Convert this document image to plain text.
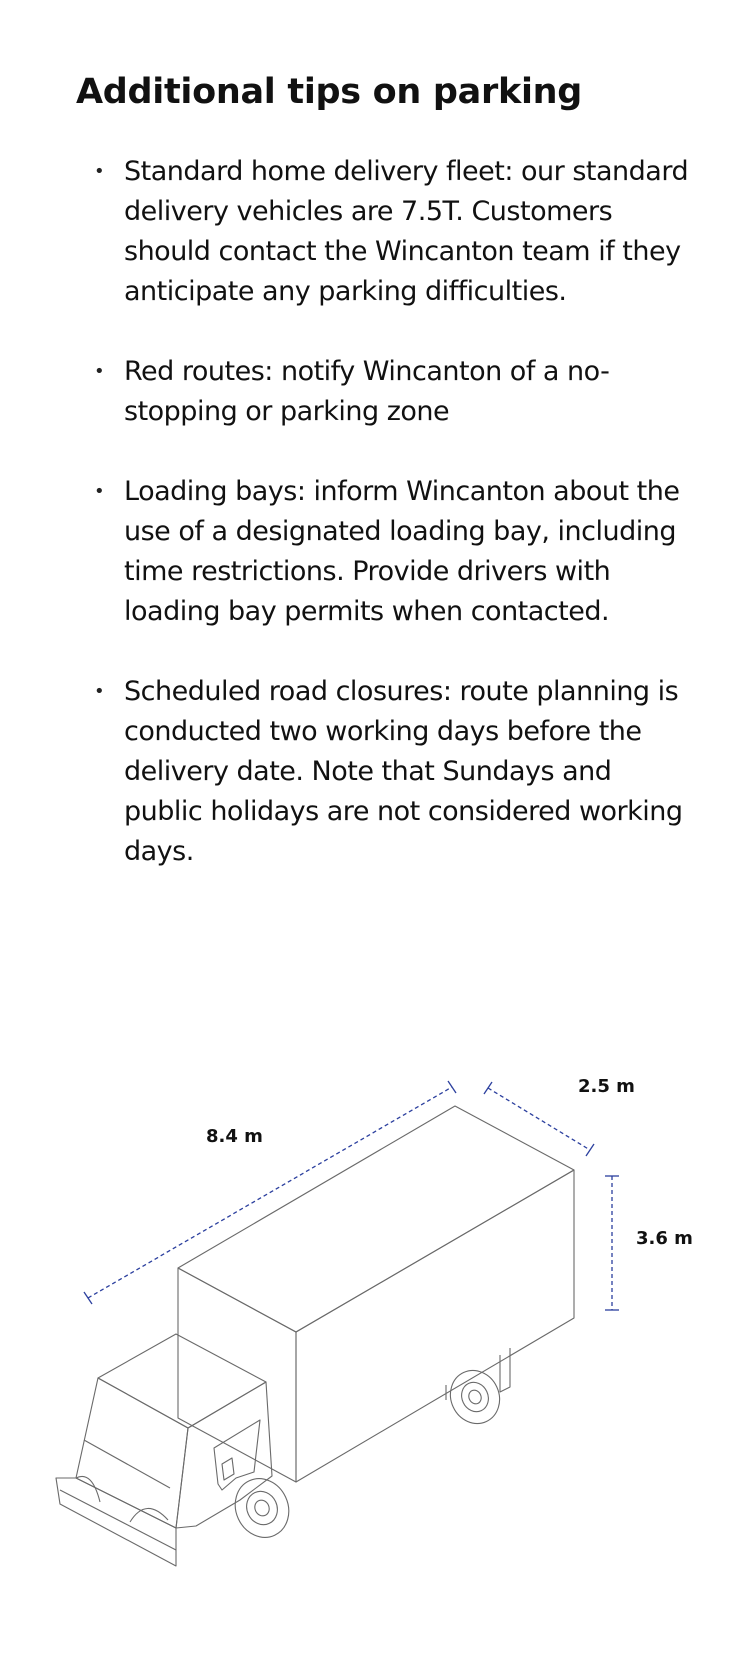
Additional tips on parking
• Standard home delivery fleet: our standard delivery vehicles are 7.5T. Customers should contact the Wincanton team if they anticipate any parking difficulties.
• Red routes: notify Wincanton of a no-stopping or parking zone
• Loading bays: inform Wincanton about the use of a designated loading bay, including time restrictions. Provide drivers with loading bay permits when contacted.
• Scheduled road closures: route planning is conducted two working days before the delivery date. Note that Sundays and public holidays are not considered working days.
8.4 m
2.5 m
3.6 m
